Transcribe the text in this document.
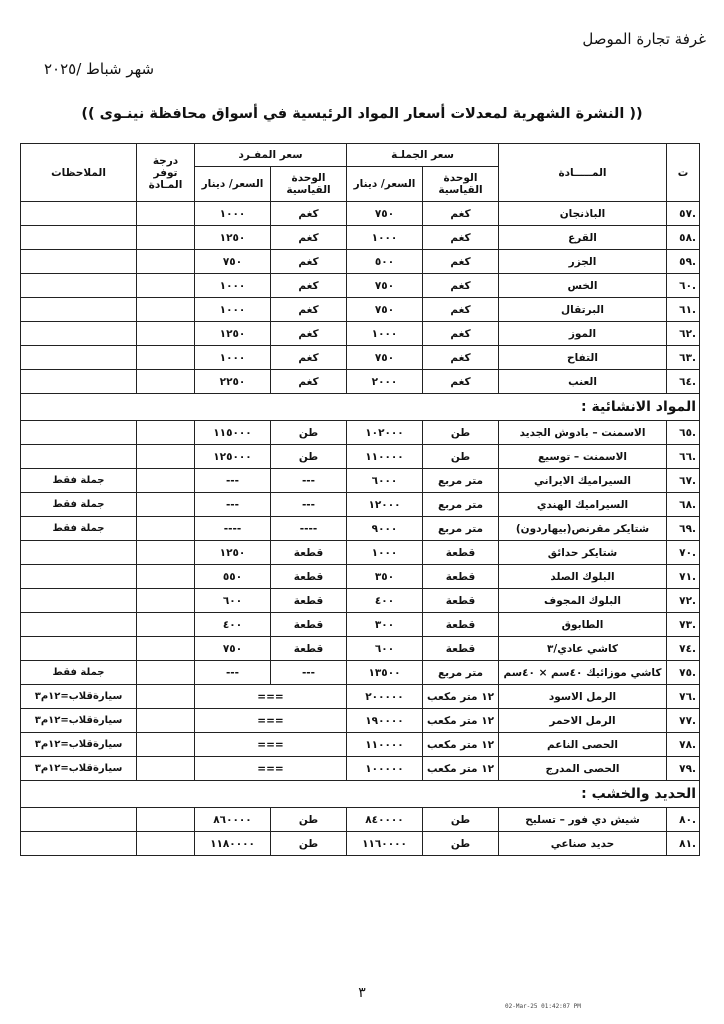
غرفة تجارة الموصل
شهر شباط /٢٠٢٥
(( النشرة الشهرية لمعدلات أسعار المواد الرئيسية في أسواق محافظة نينـوى ))
ت	المـــــادة	سعر الجملـة		سعر المفـرد		درجة توفر المـادة	الملاحظات
		الوحدة القياسية	السعر/ دينار	الوحدة القياسية	السعر/ دينار		
.٥٧	الباذنجان	كغم	٧٥٠	كغم	١٠٠٠		
.٥٨	القرع	كغم	١٠٠٠	كغم	١٢٥٠		
.٥٩	الجزر	كغم	٥٠٠	كغم	٧٥٠		
.٦٠	الخس	كغم	٧٥٠	كغم	١٠٠٠		
.٦١	البرتقال	كغم	٧٥٠	كغم	١٠٠٠		
.٦٢	الموز	كغم	١٠٠٠	كغم	١٢٥٠		
.٦٣	التفاح	كغم	٧٥٠	كغم	١٠٠٠		
.٦٤	العنب	كغم	٢٠٠٠	كغم	٢٢٥٠		
المواد الانشائية :							
.٦٥	الاسمنت – بادوش الجديد	طن	١٠٢٠٠٠	طن	١١٥٠٠٠		
.٦٦	الاسمنت – توسيع	طن	١١٠٠٠٠	طن	١٢٥٠٠٠		
.٦٧	السيراميك الايراني	متر مربع	٦٠٠٠	---	---		جملة فقط
.٦٨	السيراميك الهندي	متر مربع	١٢٠٠٠	---	---		جملة فقط
.٦٩	شتايكر مقرنص(بيهاردون)	متر مربع	٩٠٠٠	----	----		جملة فقط
.٧٠	شتايكر حدائق	قطعة	١٠٠٠	قطعة	١٢٥٠		
.٧١	البلوك الصلد	قطعة	٣٥٠	قطعة	٥٥٠		
.٧٢	البلوك المجوف	قطعة	٤٠٠	قطعة	٦٠٠		
.٧٣	الطابوق	قطعة	٣٠٠	قطعة	٤٠٠		
.٧٤	كاشي عادي/٣	قطعة	٦٠٠	قطعة	٧٥٠		
.٧٥	كاشي موزائيك ٤٠سم × ٤٠سم	متر مربع	١٣٥٠٠	---	---		جملة فقط
.٧٦	الرمل الاسود	١٢ متر مكعب	٢٠٠٠٠٠	===			سيارةقلاب=١٢م٣
.٧٧	الرمل الاحمر	١٢ متر مكعب	١٩٠٠٠٠	===			سيارةقلاب=١٢م٣
.٧٨	الحصى الناعم	١٢ متر مكعب	١١٠٠٠٠	===			سيارةقلاب=١٢م٣
.٧٩	الحصى المدرج	١٢ متر مكعب	١٠٠٠٠٠	===			سيارةقلاب=١٢م٣
الحديد والخشب :							
.٨٠	شيش دي فور – تسليح	طن	٨٤٠٠٠٠	طن	٨٦٠٠٠٠		
.٨١	حديد صناعي	طن	١١٦٠٠٠٠	طن	١١٨٠٠٠٠		
٣
02-Mar-25 01:42:07 PM
